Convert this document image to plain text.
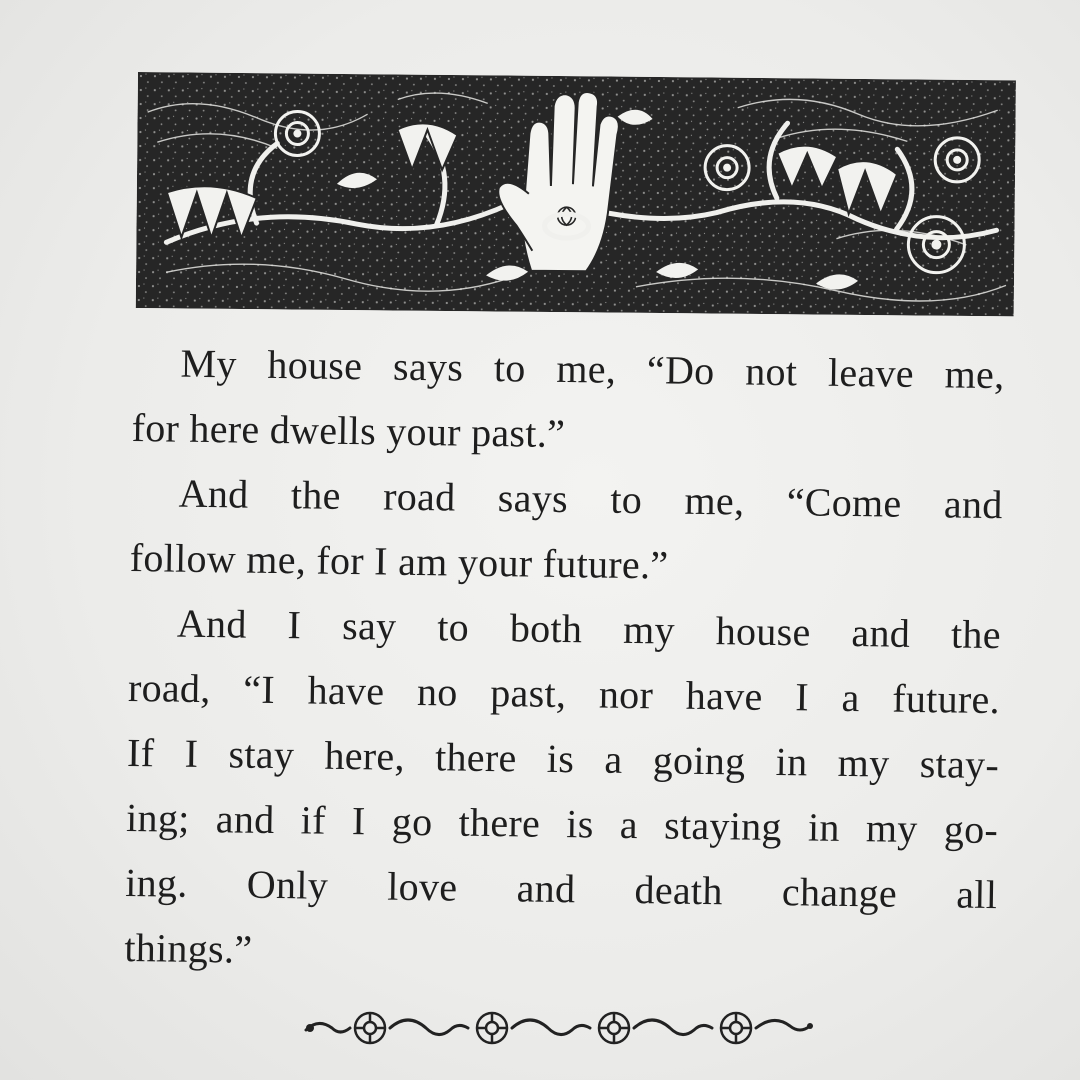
My house says to me, “Do not leave me,
for here dwells your past.”
And the road says to me, “Come and
follow me, for I am your future.”
And I say to both my house and the
road, “I have no past, nor have I a future.
If I stay here, there is a going in my stay-
ing; and if I go there is a staying in my go-
ing. Only love and death change all
things.”
